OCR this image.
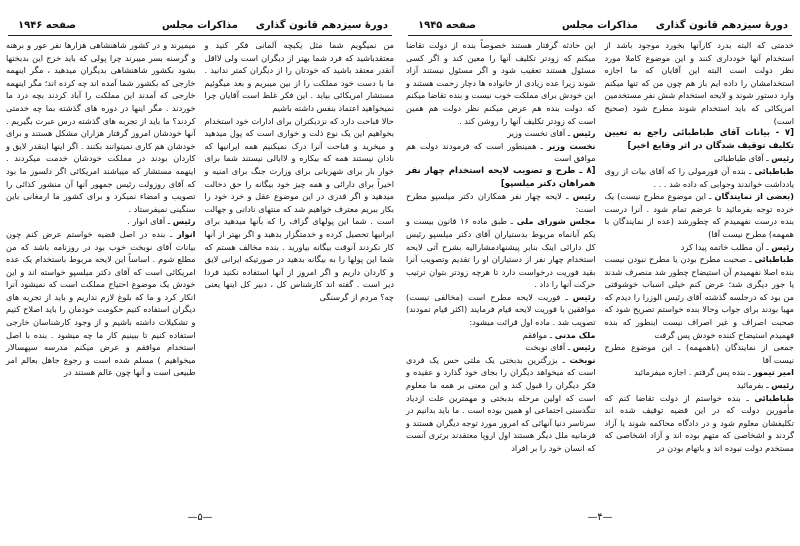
دورهٔ سیزدهم قانون گذاری
مذاکرات مجلس
صفحه ۱۹۴۵

خدمتی که البته بدرد کارآنها بخورد موجود باشد از استخدام آنها خودداری کنند و این موضوع کاملا مورد نظر دولت است البته این آقایان که ما اجازه استخدامشان را داده ایم باز هم چون من که تنها میکنم وارد دستور شوند و لایحه استخدام شش نفر مستخدمین امریکائی که باید استخدام شوند مطرح شود (صحیح است)

[۷ - بیانات آقای طباطبائی راجع به تعیین تکلیف توقیف شدگان در اثر وقایع اخیر]

رئیس ـ آقای طباطبائی

طباطبائی ـ بنده آن فورمولی را که آقای بیات از روی یادداشت خواندند وجوابی که داده شد . . .

(بعضی از نمایندگان ـ این موضوع مطرح نیست) یک خرده توجه بفرمائید تا عرضم تمام شود . آنرا درست بنده درست نفهمیدم که چطورشد (عده از نمایندگان با همهمه) مطرح نیست آقا)

رئیس ـ آن مطلب خاتمه پیدا کرد

طباطبائی ـ صحبت مطرح بودن یا مطرح نبودن نیست بنده اصلا نفهمیدم آن استیضاح چطور شد منصرف شدند یا جور دیگری شد؛ عرض کنم خیلی اسباب خوشوقتی من بود که درجلسه گذشته آقای رئیس الوزرا را دیدم که مهیا بودند برای جواب وحالا بنده خواستم تصریح شود که صحبت اصراف و غیر اصراف نیست اینطور که بنده فهمیدم استیضاح کننده خودش پس گرفت

جمعی از نمایندگان (باهمهمه) ـ این موضوع مطرح نیست آقا

امیر تیمور ـ بنده پس گرفتم . اجازه میفرمائید

رئیس ـ بفرمائید

طباطبائی ـ بنده خواستم از دولت تقاضا کنم که مأمورین دولت که در این قضیه توقیف شده اند تکلیفشان معلوم شود و در دادگاه محاکمه شوند یا آزاد گردند و اشخاصی که متهم بوده اند و آزاد اشخاصی که مستخدم دولت نبوده اند و باتهام بودن در

این حادثه گرفتار هستند خصوصاً بنده از دولت تقاضا میکنم که زودتر تکلیف آنها را معین کند و اگر کسی مسئول هستند تعقیب شود و اگر مسئول نیستند آزاد شوند زیرا عده زیادی از خانواده ها دچار زحمت هستند و این خودش برای مملکت خوب نیست و بنده تقاضا میکنم که دولت بنده هم عرض میکنم نظر دولت هم همین است که زودتر تکلیف آنها را روشن کند .

رئیس ـ آقای نخست وزیر

نخست وزیر ـ همینطور است که فرمودند دولت هم موافق است

[۸ ـ طرح و تصویب لایحه استخدام چهار نفر همراهان دکتر میلسپو]

رئیس ـ لایحه چهار نفر همکاران دکتر میلسپو مطرح است:

مجلس شورای ملی ـ طبق ماده ۱۶ قانون بیست و یکم آبانماه مربوط بدستیاران آقای دکتر میلسپو رئیس کل دارائی اینک بنابر پیشنهادمشارالیه بشرح آتی لایحه استخدام چهار نفر از دستیاران او را تقدیم وتصویب آنرا بقید فوریت درخواست دارد تا هرچه زودتر بتوان ترتیب حرکت آنها را داد .

رئیس ـ فوریت لایحه مطرح است (مخالفی نیست) موافقین با فوریت لایحه قیام فرمایند (اکثر قیام نمودند) تصویب شد . ماده اول قرائت میشود:

ملک مدنی ـ موافقم

رئیس ـ آقای نوبخت

نوبخت ـ بزرگترین بدبختی یک ملتی حس یک فردی است که میخواهد دیگران را بجای خود گذارد و عقیده و فکر دیگران را قبول کند و این معنی بر همه ما معلوم است که اولین مرحله بدبختی و مهمترین علت ازدیاد تنگدستی اجتماعی او همین بوده است . ما باید بدانیم در سرتاسر دنیا آنهائی که امروز مورد توجه دیگران هستند و فرمانیه ملل دیگر هستند اول اروپا معتقدند برتری آنست که انسان خود را بر افراد

—۴—
دورهٔ سیزدهم قانون گذاری
مذاکرات مجلس
صفحه ۱۹۴۶

من نمیگویم شما مثل یکبچه آلمانی فکر کنید و معتقدباشید که فرد شما بهتر از دیگران است ولی لااقل آنقدر معتقد باشید که خودتان را از دیگران کمتر ندانید . ما با دست خود مملکت را از بین میبریم و بعد میگوئیم مستشار امریکائی بیاید . این فکر غلط است آقایان چرا نمیخواهید اعتماد بنفس داشته باشیم

حالا قباحت دارد که نزدیکتران برای ادارات خود استخدام بخواهیم این یک نوع ذلت و خواری است که پول میدهید و میخرید و قباحت آنرا درک نمیکنیم همه ایرانیها که نادان نیستند همه که بیکاره و لاابالی نیستند شما برای خوار بار برای شهربانی برای وزارت جنگ برای امنیه و اخیراً برای دارائی و همه چیز خود بیگانه را حق دخالت میدهید و اگر قدری در این موضوع عقل و خرد خود را بکار ببریم معترف خواهیم شد که منتهای نادانی و جهالت است . شما این پولهای گزاف را که بآنها میدهید برای ایرانیها تحصیل کرده و خدمتگزار بدهید و اگر بهتر از آنها کار نکردند آنوقت بیگانه بیاورید . بنده مخالف هستم که شما این پولها را به بیگانه بدهید در صورتیکه ایرانی لایق و کاردان داریم و اگر امروز از آنها استفاده نکنید فردا دیر است . گفته اند کارشناس کل ، دبیر کل اینها یعنی چه؟ مردم از گرسنگی

میمیرند و در کشور شاهنشاهی هزارها نفر عور و برهنه و گرسنه بسر میبرند چرا پولی که باید خرج این بدبختها بشود بکشور شاهنشاهی بدیگران میدهید ، مگر اینهمه خارجی که بکشور شما آمده اند چه کرده اند؛ مگر اینهمه خارجی که آمدند این مملکت را آباد کردند بچه درد ما خوردند . مگر اینها در دوره های گذشته بما چه خدمتی کردند؟ ما باید از تجربه های گذشته درس عبرت بگیریم . آنها خودشان امروز گرفتار هزاران مشکل هستند و برای خودشان هم کاری نمیتوانند بکنند . اگر اینها اینقدر لایق و کاردان بودند در مملکت خودشان خدمت میکردند . اینهمه مستشار که میباشند امریکائی اگر دلسوز ما بود که آقای روزولت رئیس جمهور آنها آن منشور کذائی را تصویب و امضاء نمیکرد و برای کشور ما ارمغانی باین سنگینی نمیفرستاد .

رئیس ـ آقای انوار .

انوار ـ بنده در اصل قضیه خواستم عرض کنم چون بیانات آقای نوبخت خوب بود در روزنامه باشد که من مطلع شوم . اساساً این لایحه مربوط باستخدام یک عده امریکائی است که آقای دکتر میلسپو خواسته اند و این خودش یک موضوع احتیاج مملکت است که نمیشود آنرا انکار کرد و ما که بلوغ لازم نداریم و باید از تجربه های دیگران استفاده کنیم حکومت خودمان را باید اصلاح کنیم و تشکیلات داشته باشیم و از وجود کارشناسان خارجی استفاده کنیم تا ببینیم کار ما چه میشود . بنده با اصل استخدام موافقم و عرض میکنم مدرسه سپهسالار میخواهیم ) مسلم شده است و رجوع جاهل بعالم امر طبیعی است و آنها چون عالم هستند در

—۵—
